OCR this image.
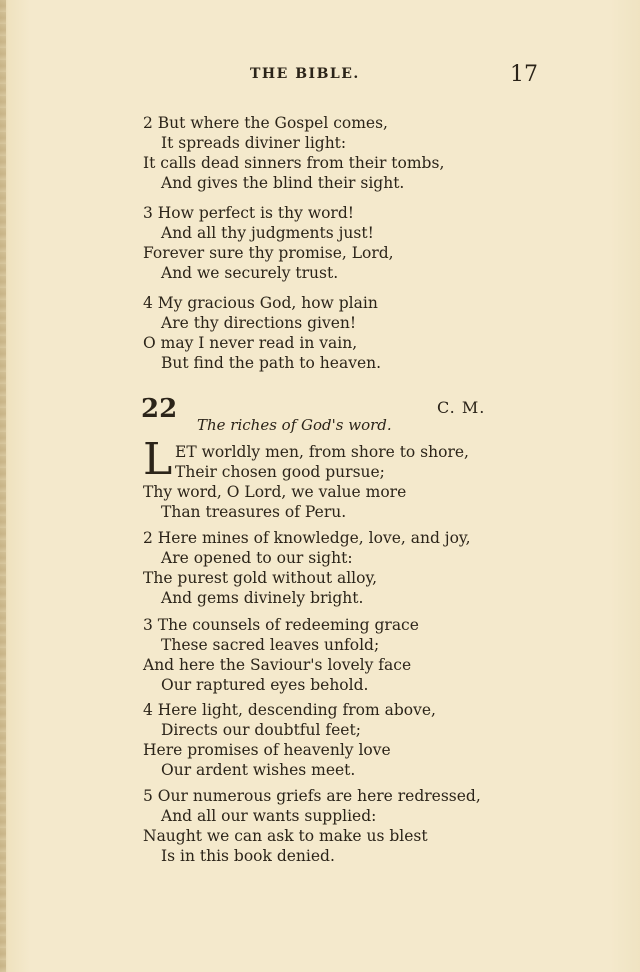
THE BIBLE.	17
2 But where the Gospel comes,
It spreads diviner light:
It calls dead sinners from their tombs,
And gives the blind their sight.
3 How perfect is thy word!
And all thy judgments just!
Forever sure thy promise, Lord,
And we securely trust.
4 My gracious God, how plain
Are thy directions given!
O may I never read in vain,
But find the path to heaven.
22	C. M.
The riches of God's word.
L ET worldly men, from shore to shore,
Their chosen good pursue;
Thy word, O Lord, we value more
Than treasures of Peru.
2 Here mines of knowledge, love, and joy,
Are opened to our sight:
The purest gold without alloy,
And gems divinely bright.
3 The counsels of redeeming grace
These sacred leaves unfold;
And here the Saviour's lovely face
Our raptured eyes behold.
4 Here light, descending from above,
Directs our doubtful feet;
Here promises of heavenly love
Our ardent wishes meet.
5 Our numerous griefs are here redressed,
And all our wants supplied:
Naught we can ask to make us blest
Is in this book denied.
